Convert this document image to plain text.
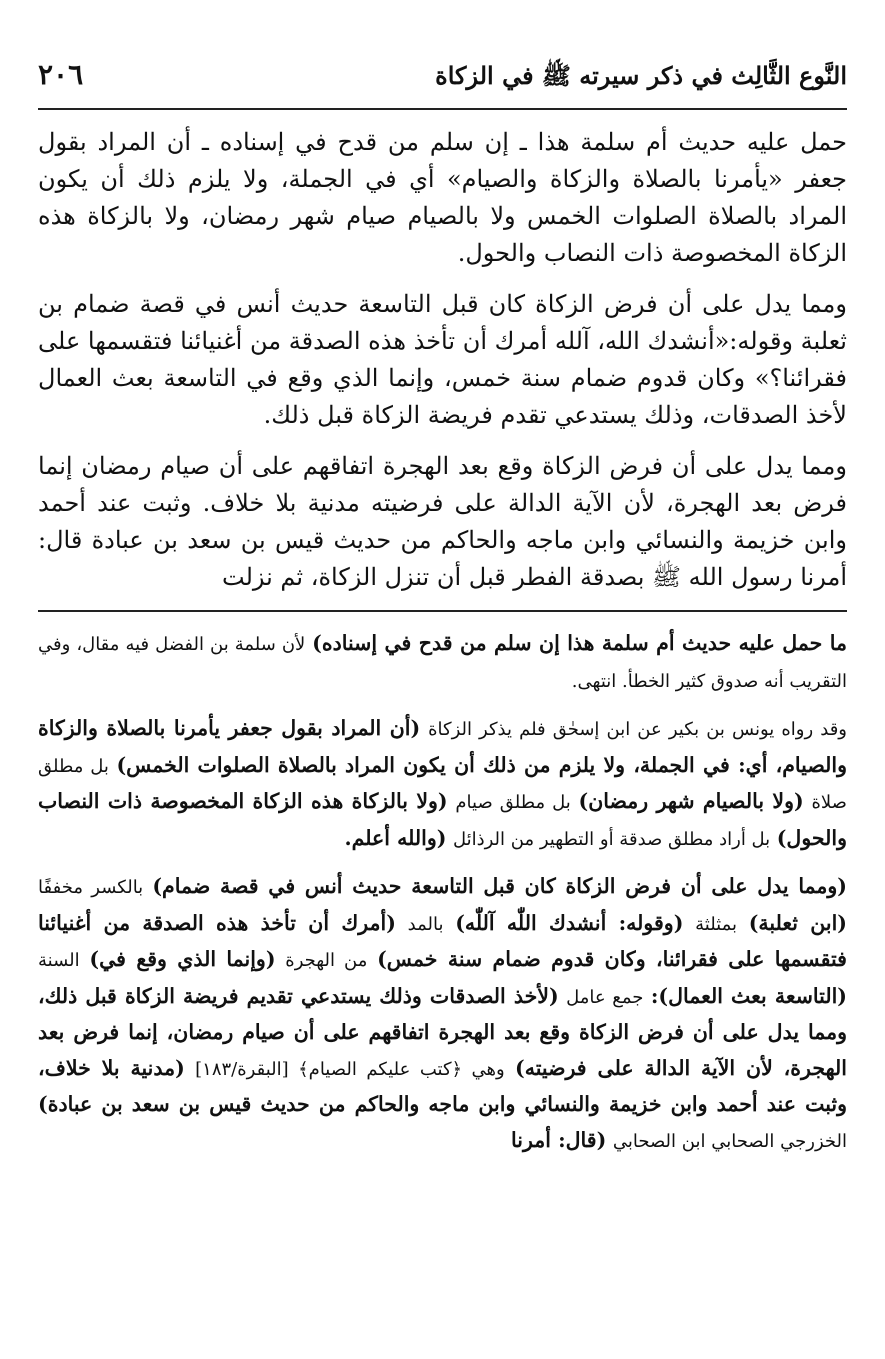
النَّوع الثَّالِث في ذكر سيرته ﷺ في الزكاة
٢٠٦

حمل عليه حديث أم سلمة هذا ـ إن سلم من قدح في إسناده ـ أن المراد بقول جعفر «يأمرنا بالصلاة والزكاة والصيام» أي في الجملة، ولا يلزم ذلك أن يكون المراد بالصلاة الصلوات الخمس ولا بالصيام صيام شهر رمضان، ولا بالزكاة هذه الزكاة المخصوصة ذات النصاب والحول.

ومما يدل على أن فرض الزكاة كان قبل التاسعة حديث أنس في قصة ضمام بن ثعلبة وقوله:«أنشدك الله، آلله أمرك أن تأخذ هذه الصدقة من أغنيائنا فتقسمها على فقرائنا؟» وكان قدوم ضمام سنة خمس، وإنما الذي وقع في التاسعة بعث العمال لأخذ الصدقات، وذلك يستدعي تقدم فريضة الزكاة قبل ذلك.

ومما يدل على أن فرض الزكاة وقع بعد الهجرة اتفاقهم على أن صيام رمضان إنما فرض بعد الهجرة، لأن الآية الدالة على فرضيته مدنية بلا خلاف. وثبت عند أحمد وابن خزيمة والنسائي وابن ماجه والحاكم من حديث قيس بن سعد بن عبادة قال: أمرنا رسول الله ﷺ بصدقة الفطر قبل أن تنزل الزكاة، ثم نزلت

ما حمل عليه حديث أم سلمة هذا إن سلم من قدح في إسناده) لأن سلمة بن الفضل فيه مقال، وفي التقريب أنه صدوق كثير الخطأ. انتهى.

وقد رواه يونس بن بكير عن ابن إسحٰق فلم يذكر الزكاة (أن المراد بقول جعفر يأمرنا بالصلاة والزكاة والصيام، أي: في الجملة، ولا يلزم من ذلك أن يكون المراد بالصلاة الصلوات الخمس) بل مطلق صلاة (ولا بالصيام شهر رمضان) بل مطلق صيام (ولا بالزكاة هذه الزكاة المخصوصة ذات النصاب والحول) بل أراد مطلق صدقة أو التطهير من الرذائل (والله أعلم.

(ومما يدل على أن فرض الزكاة كان قبل التاسعة حديث أنس في قصة ضمام) بالكسر مخففًا (ابن ثعلبة) بمثلثة (وقوله: أنشدك اللّٰه آللّٰه) بالمد (أمرك أن تأخذ هذه الصدقة من أغنيائنا فتقسمها على فقرائنا، وكان قدوم ضمام سنة خمس) من الهجرة (وإنما الذي وقع في) السنة (التاسعة بعث العمال): جمع عامل (لأخذ الصدقات وذلك يستدعي تقديم فريضة الزكاة قبل ذلك، ومما يدل على أن فرض الزكاة وقع بعد الهجرة اتفاقهم على أن صيام رمضان، إنما فرض بعد الهجرة، لأن الآية الدالة على فرضيته) وهي ﴿كتب عليكم الصيام﴾ [البقرة/١٨٣] (مدنية بلا خلاف، وثبت عند أحمد وابن خزيمة والنسائي وابن ماجه والحاكم من حديث قيس بن سعد بن عبادة) الخزرجي الصحابي ابن الصحابي (قال: أمرنا
